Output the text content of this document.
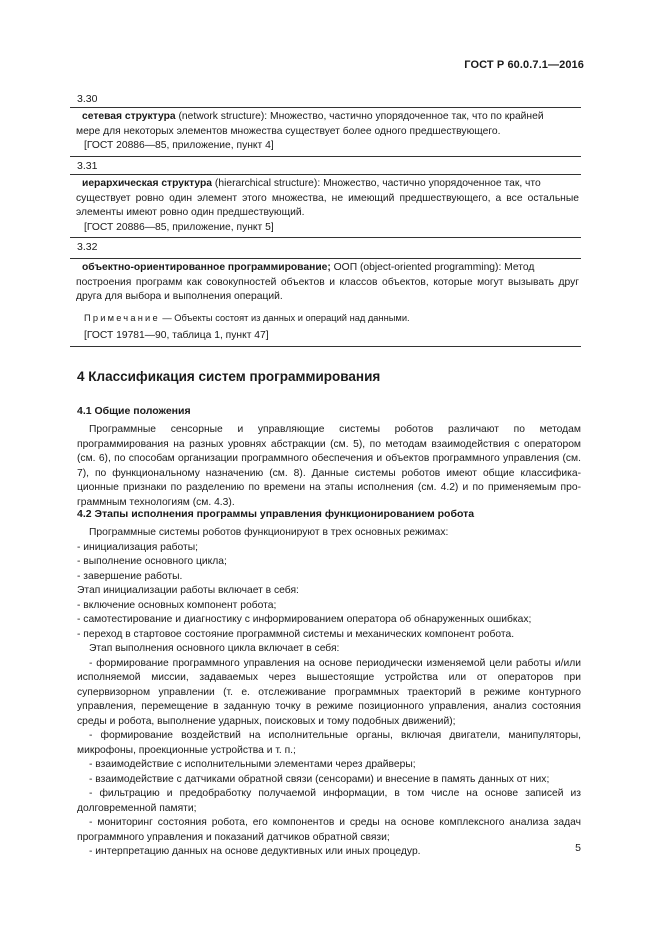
ГОСТ Р 60.0.7.1—2016
3.30

сетевая структура (network structure): Множество, частично упорядоченное так, что по крайней

мере для некоторых элементов множества существует более одного предшествующего.

[ГОСТ 20886—85, приложение, пункт 4]

3.31

иерархическая структура (hierarchical structure): Множество, частично упорядоченное так, что

существует ровно один элемент этого множества, не имеющий предшествующего, а все остальные элементы имеют ровно один предшествующий.

[ГОСТ 20886—85, приложение, пункт 5]

3.32

объектно-ориентированное программирование; ООП (object-oriented programming): Метод

построения программ как совокупностей объектов и классов объектов, которые могут вызывать друг друга для выбора и выполнения операций.

Примечание — Объекты состоят из данных и операций над данными.

[ГОСТ 19781—90, таблица 1, пункт 47]

4 Классификация систем программирования
4.1 Общие положения

Программные сенсорные и управляющие системы роботов различают по методам программирования на разных уровнях абстракции (см. 5), по методам взаимодействия с оператором (см. 6), по способам организации программного обеспечения и объектов программного управления (см. 7), по функциональному назначению (см. 8). Данные системы роботов имеют общие классификационные признаки по разделению по времени на этапы исполнения (см. 4.2) и по применяемым программным технологиям (см. 4.3).

4.2 Этапы исполнения программы управления функционированием робота

Программные системы роботов функционируют в трех основных режимах:

- инициализация работы;

- выполнение основного цикла;

- завершение работы.

Этап инициализации работы включает в себя:

- включение основных компонент робота;

- самотестирование и диагностику с информированием оператора об обнаруженных ошибках;

- переход в стартовое состояние программной системы и механических компонент робота.

Этап выполнения основного цикла включает в себя:

- формирование программного управления на основе периодически изменяемой цели работы и/или исполняемой миссии, задаваемых через вышестоящие устройства или от операторов при супервизорном управлении (т. е. отслеживание программных траекторий в режиме контурного управления, перемещение в заданную точку в режиме позиционного управления, анализ состояния среды и робота, выполнение ударных, поисковых и тому подобных движений);

- формирование воздействий на исполнительные органы, включая двигатели, манипуляторы, микрофоны, проекционные устройства и т. п.;

- взаимодействие с исполнительными элементами через драйверы;

- взаимодействие с датчиками обратной связи (сенсорами) и внесение в память данных от них;

- фильтрацию и предобработку получаемой информации, в том числе на основе записей из долговременной памяти;

- мониторинг состояния робота, его компонентов и среды на основе комплексного анализа задач программного управления и показаний датчиков обратной связи;

- интерпретацию данных на основе дедуктивных или иных процедур.	5
